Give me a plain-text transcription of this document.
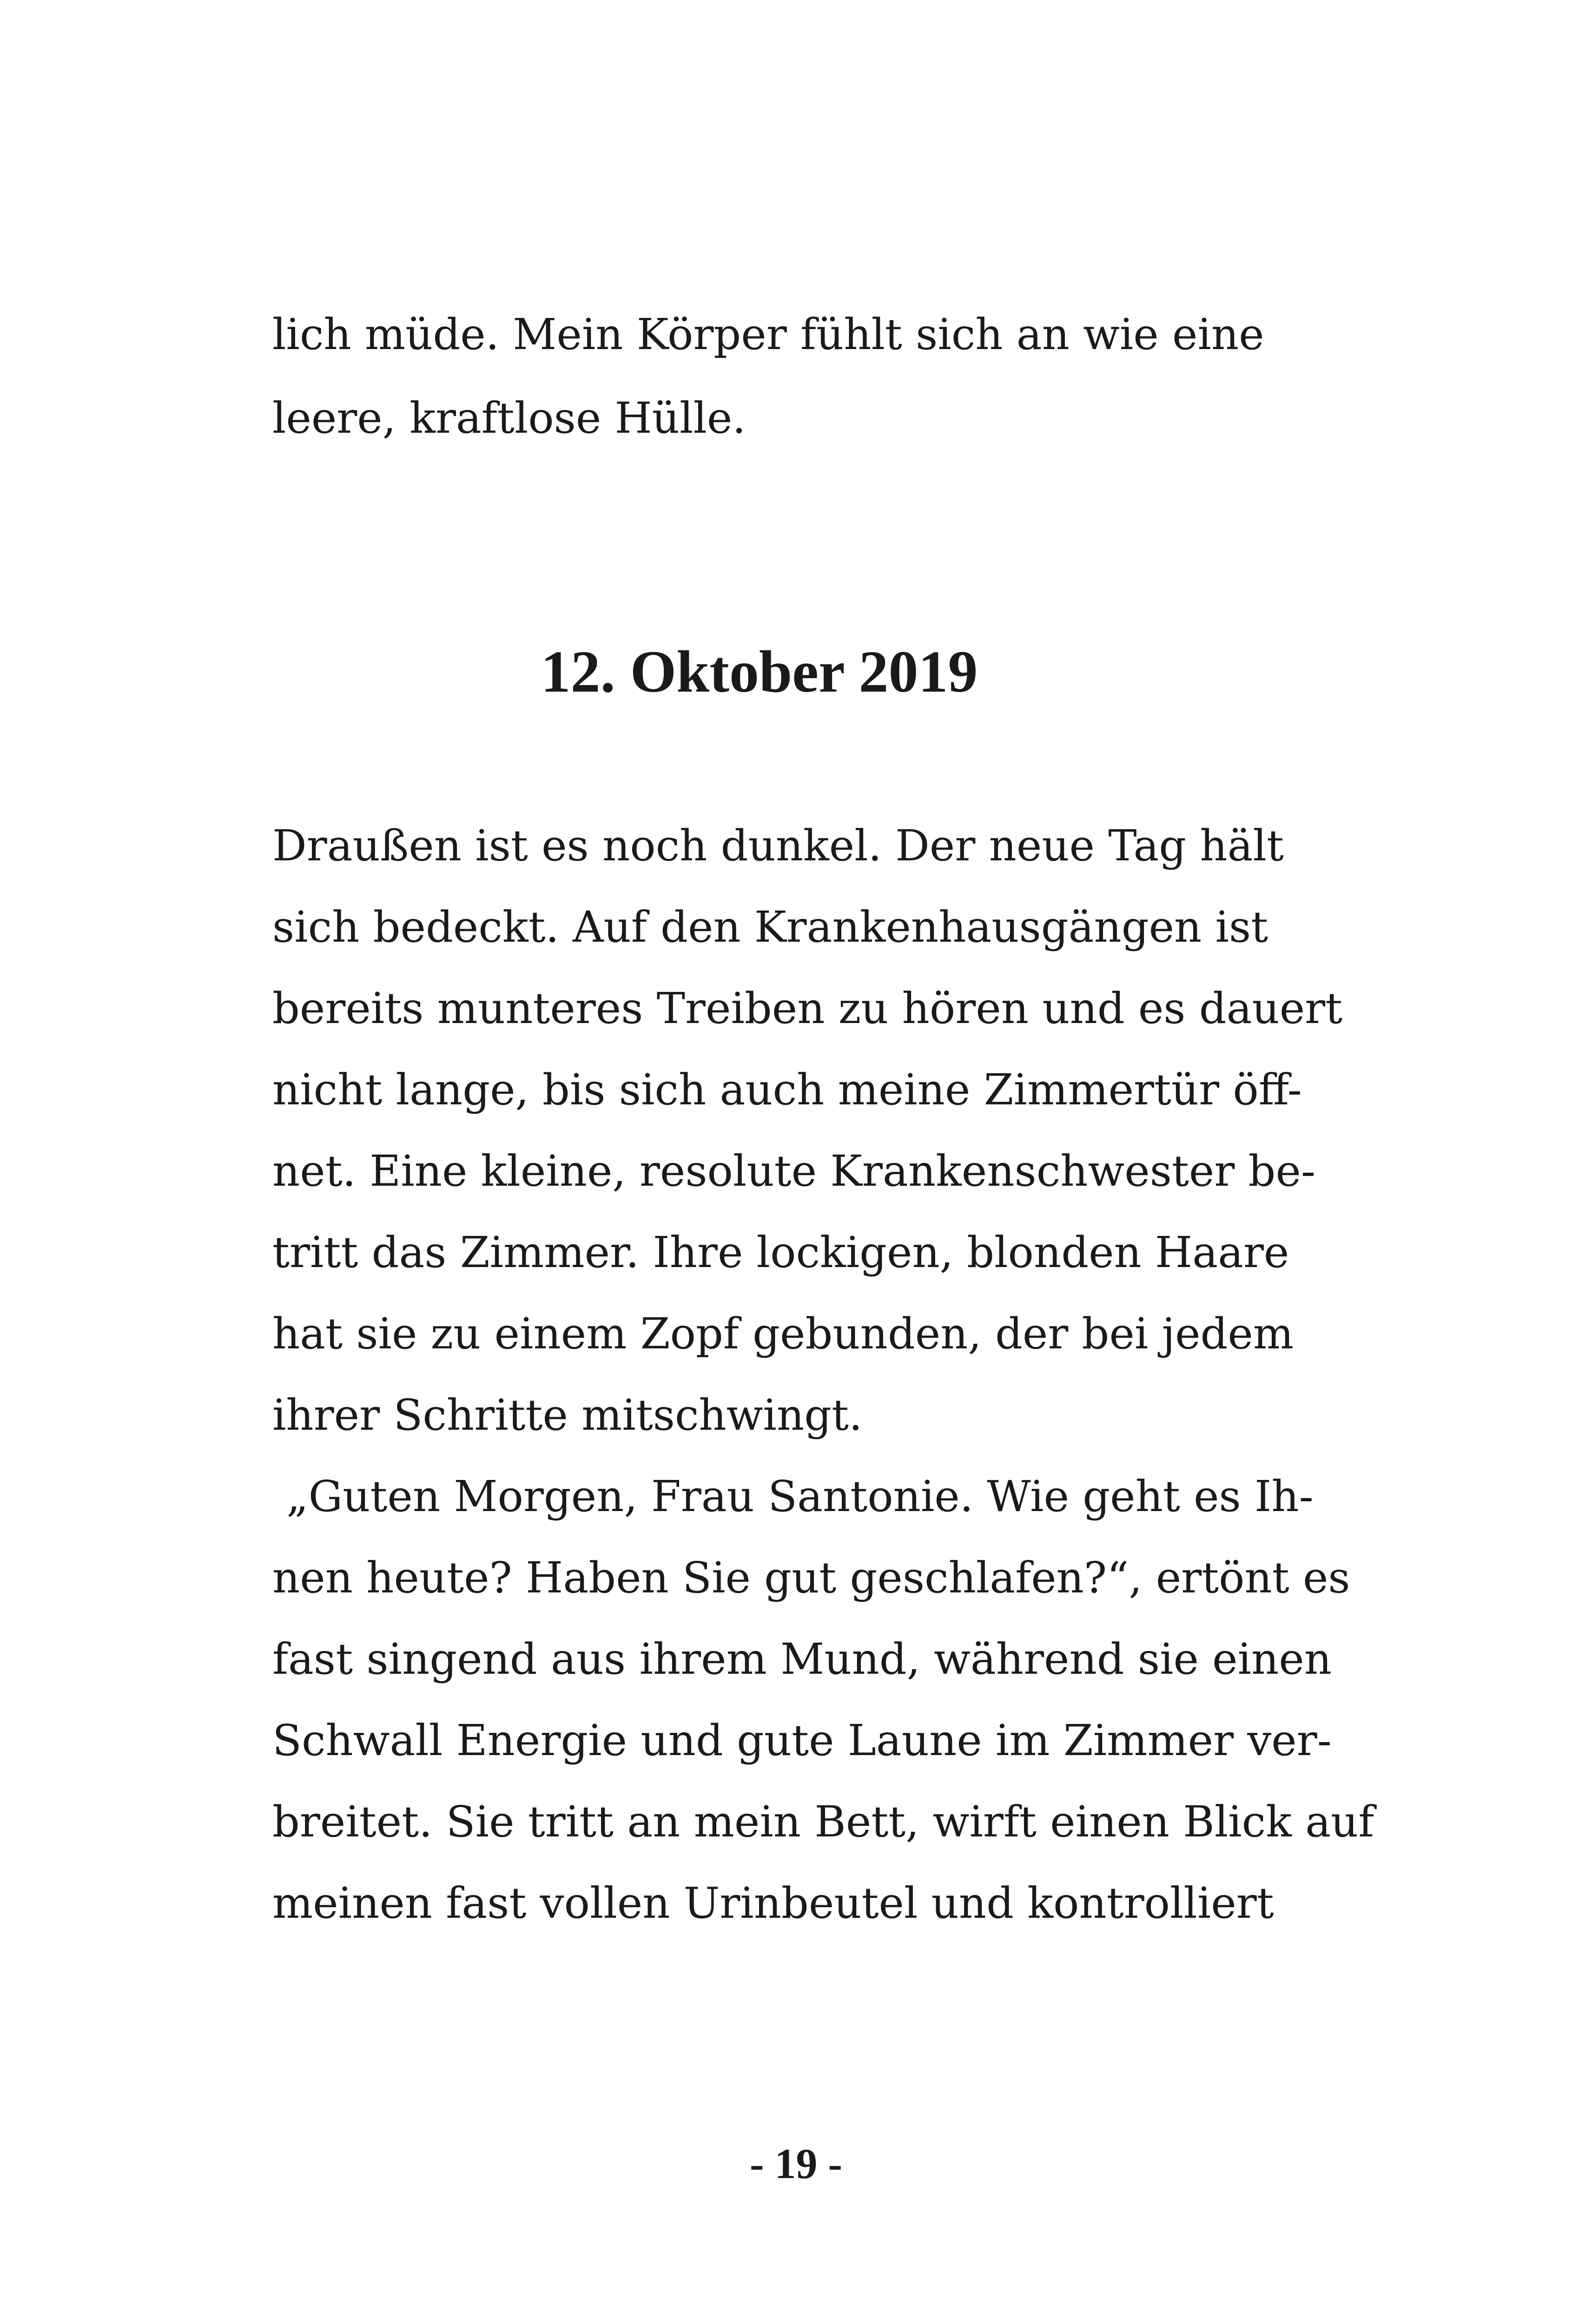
lich müde. Mein Körper fühlt sich an wie eine
leere, kraftlose Hülle.
12. Oktober 2019
Draußen ist es noch dunkel. Der neue Tag hält
sich bedeckt. Auf den Krankenhausgängen ist
bereits munteres Treiben zu hören und es dauert
nicht lange, bis sich auch meine Zimmertür öff-
net. Eine kleine, resolute Krankenschwester be-
tritt das Zimmer. Ihre lockigen, blonden Haare
hat sie zu einem Zopf gebunden, der bei jedem
ihrer Schritte mitschwingt.
„Guten Morgen, Frau Santonie. Wie geht es Ih-
nen heute? Haben Sie gut geschlafen?“, ertönt es
fast singend aus ihrem Mund, während sie einen
Schwall Energie und gute Laune im Zimmer ver-
breitet. Sie tritt an mein Bett, wirft einen Blick auf
meinen fast vollen Urinbeutel und kontrolliert
- 19 -
